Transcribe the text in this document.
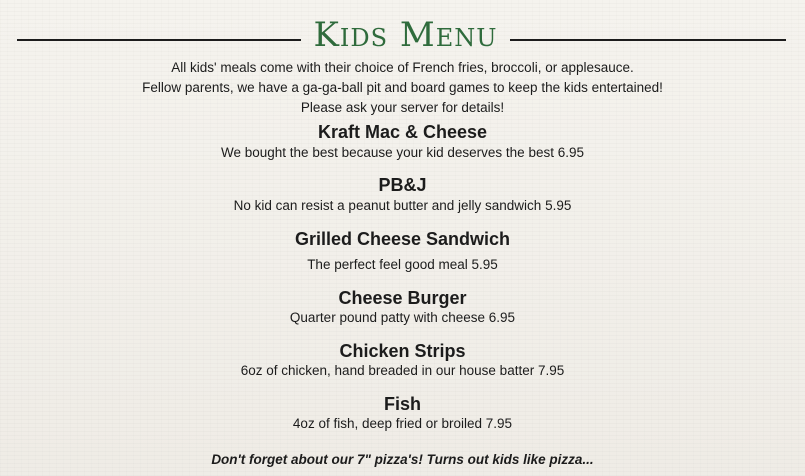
Kids Menu
All kids' meals come with their choice of French fries, broccoli, or applesauce.
Fellow parents, we have a ga-ga-ball pit and board games to keep the kids entertained!
Please ask your server for details!
Kraft Mac & Cheese
We bought the best because your kid deserves the best 6.95
PB&J
No kid can resist a peanut butter and jelly sandwich 5.95
Grilled Cheese Sandwich
The perfect feel good meal 5.95
Cheese Burger
Quarter pound patty with cheese 6.95
Chicken Strips
6oz of chicken, hand breaded in our house batter 7.95
Fish
4oz of fish, deep fried or broiled 7.95
Don't forget about our 7" pizza's! Turns out kids like pizza...
